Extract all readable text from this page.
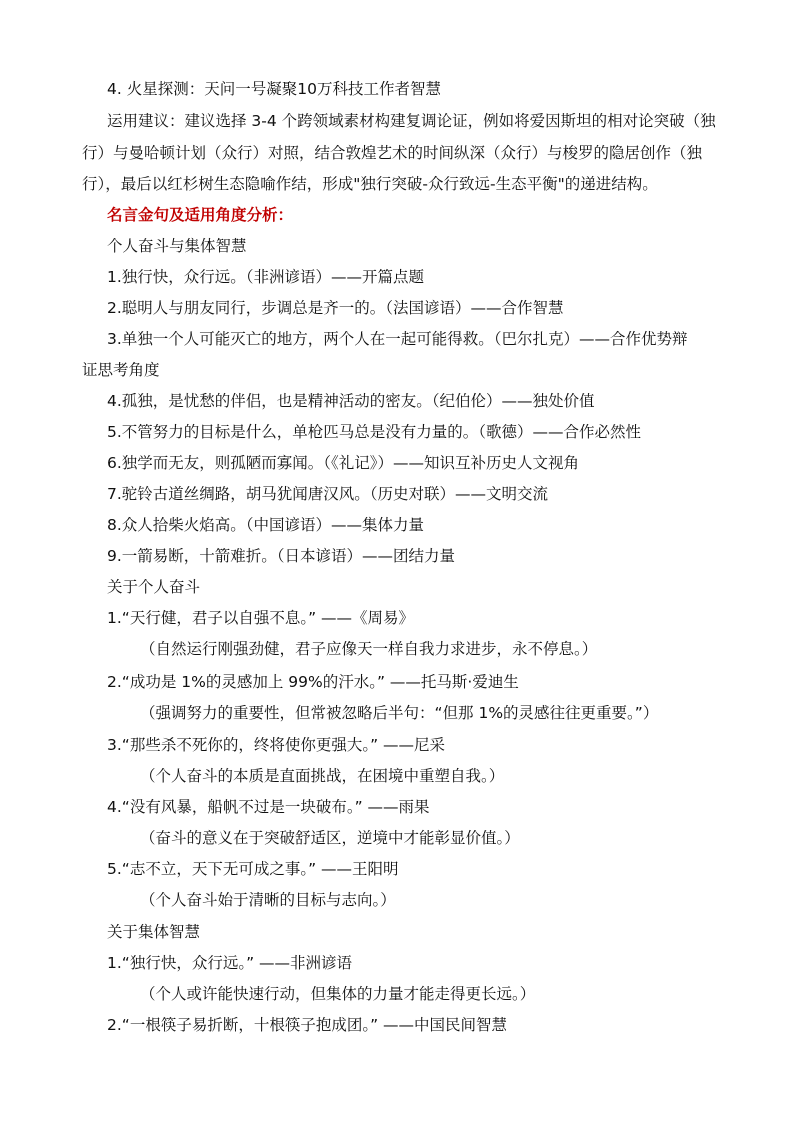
4. 火星探测：天问一号凝聚10万科技工作者智慧
运用建议：建议选择 3-4 个跨领域素材构建复调论证，例如将爱因斯坦的相对论突破（独
行）与曼哈顿计划（众行）对照，结合敦煌艺术的时间纵深（众行）与梭罗的隐居创作（独
行），最后以红杉树生态隐喻作结，形成"独行突破-众行致远-生态平衡"的递进结构。
名言金句及适用角度分析：
个人奋斗与集体智慧
1.独行快，众行远。（非洲谚语）——开篇点题
2.聪明人与朋友同行，步调总是齐一的。（法国谚语）——合作智慧
3.单独一个人可能灭亡的地方，两个人在一起可能得救。（巴尔扎克）——合作优势辩
证思考角度
4.孤独，是忧愁的伴侣，也是精神活动的密友。（纪伯伦）——独处价值
5.不管努力的目标是什么，单枪匹马总是没有力量的。（歌德）——合作必然性
6.独学而无友，则孤陋而寡闻。（《礼记》）——知识互补历史人文视角
7.驼铃古道丝绸路，胡马犹闻唐汉风。（历史对联）——文明交流
8.众人拾柴火焰高。（中国谚语）——集体力量
9.一箭易断，十箭难折。（日本谚语）——团结力量
关于个人奋斗
1.“天行健，君子以自强不息。” ——《周易》
（自然运行刚强劲健，君子应像天一样自我力求进步，永不停息。）
2.“成功是 1%的灵感加上 99%的汗水。” ——托马斯·爱迪生
（强调努力的重要性，但常被忽略后半句：“但那 1%的灵感往往更重要。”）
3.“那些杀不死你的，终将使你更强大。” ——尼采
（个人奋斗的本质是直面挑战，在困境中重塑自我。）
4.“没有风暴，船帆不过是一块破布。” ——雨果
（奋斗的意义在于突破舒适区，逆境中才能彰显价值。）
5.“志不立，天下无可成之事。” ——王阳明
（个人奋斗始于清晰的目标与志向。）
关于集体智慧
1.“独行快，众行远。” ——非洲谚语
（个人或许能快速行动，但集体的力量才能走得更长远。）
2.“一根筷子易折断，十根筷子抱成团。” ——中国民间智慧
